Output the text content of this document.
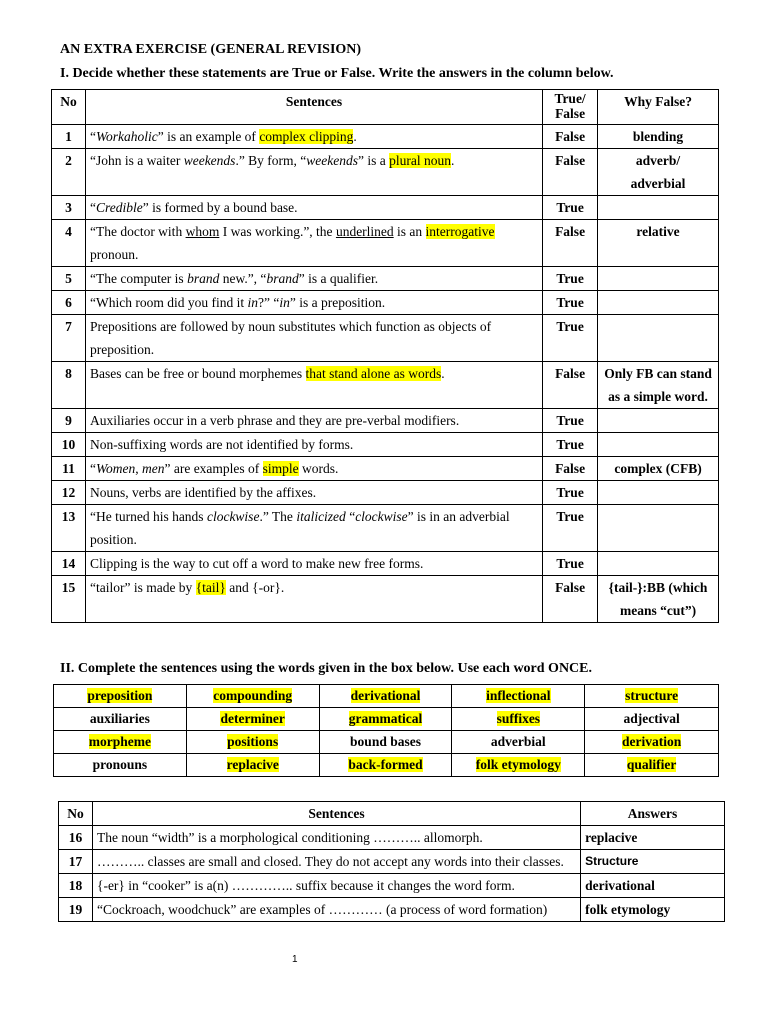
AN EXTRA EXERCISE (GENERAL REVISION)
I. Decide whether these statements are True or False. Write the answers in the column below.
No	Sentences	True/ False	Why False?
1	“Workaholic” is an example of complex clipping.	False	blending
2	“John is a waiter weekends.” By form, “weekends” is a plural noun.	False	adverb/ adverbial
3	“Credible” is formed by a bound base.	True	
4	“The doctor with whom I was working.”, the underlined is an interrogative pronoun.	False	relative
5	“The computer is brand new.”, “brand” is a qualifier.	True	
6	“Which room did you find it in?” “in” is a preposition.	True	
7	Prepositions are followed by noun substitutes which function as objects of preposition.	True	
8	Bases can be free or bound morphemes that stand alone as words.	False	Only FB can stand as a simple word.
9	Auxiliaries occur in a verb phrase and they are pre-verbal modifiers.	True	
10	Non-suffixing words are not identified by forms.	True	
11	“Women, men” are examples of simple words.	False	complex (CFB)
12	Nouns, verbs are identified by the affixes.	True	
13	“He turned his hands clockwise.” The italicized “clockwise” is in an adverbial position.	True	
14	Clipping is the way to cut off a word to make new free forms.	True	
15	“tailor” is made by {tail} and {-or}.	False	{tail-}:BB (which means “cut”)
II. Complete the sentences using the words given in the box below. Use each word ONCE.
preposition	compounding	derivational	inflectional	structure
auxiliaries	determiner	grammatical	suffixes	adjectival
morpheme	positions	bound bases	adverbial	derivation
pronouns	replacive	back-formed	folk etymology	qualifier
No	Sentences	Answers
16	The noun “width” is a morphological conditioning ……….. allomorph.	replacive
17	……….. classes are small and closed. They do not accept any words into their classes.	Structure
18	{-er} in “cooker” is a(n) ………….. suffix because it changes the word form.	derivational
19	“Cockroach, woodchuck” are examples of ………… (a process of word formation)	folk etymology
1
